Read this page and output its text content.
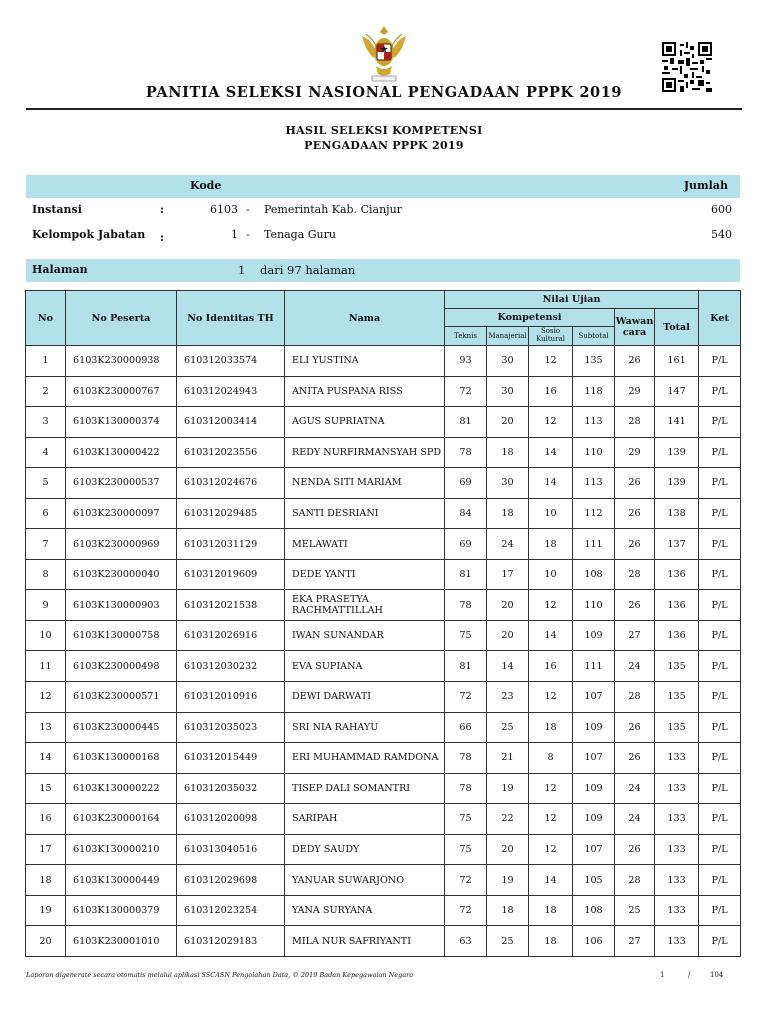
PANITIA SELEKSI NASIONAL PENGADAAN PPPK 2019
HASIL SELEKSI KOMPETENSI
PENGADAAN PPPK 2019
Kode	Jumlah
Instansi	:	6103 - Pemerintah Kab. Cianjur	600
Kelompok Jabatan :	1 - Tenaga Guru	540
Halaman	1 dari 97 halaman
No	No Peserta	No Identitas TH	Nama	Nilai Ujian						Ket
				Kompetensi				Wawan cara	Total	
				Teknis	Manajerial	Sosio Kultural	Subtotal			
1	6103K230000938	610312033574	ELI YUSTINA	93	30	12	135	26	161	P/L
2	6103K230000767	610312024943	ANITA PUSPANA RISS	72	30	16	118	29	147	P/L
3	6103K130000374	610312003414	AGUS SUPRIATNA	81	20	12	113	28	141	P/L
4	6103K130000422	610312023556	REDY NURFIRMANSYAH SPD	78	18	14	110	29	139	P/L
5	6103K230000537	610312024676	NENDA SITI MARIAM	69	30	14	113	26	139	P/L
6	6103K230000097	610312029485	SANTI DESRIANI	84	18	10	112	26	138	P/L
7	6103K230000969	610312031129	MELAWATI	69	24	18	111	26	137	P/L
8	6103K230000040	610312019609	DEDE YANTI	81	17	10	108	28	136	P/L
9	6103K130000903	610312021538	EKA PRASETYA RACHMATTILLAH	78	20	12	110	26	136	P/L
10	6103K130000758	610312026916	IWAN SUNANDAR	75	20	14	109	27	136	P/L
11	6103K230000498	610312030232	EVA SUPIANA	81	14	16	111	24	135	P/L
12	6103K230000571	610312010916	DEWI DARWATI	72	23	12	107	28	135	P/L
13	6103K230000445	610312035023	SRI NIA RAHAYU	66	25	18	109	26	135	P/L
14	6103K130000168	610312015449	ERI MUHAMMAD RAMDONA	78	21	8	107	26	133	P/L
15	6103K130000222	610312035032	TISEP DALI SOMANTRI	78	19	12	109	24	133	P/L
16	6103K230000164	610312020098	SARIPAH	75	22	12	109	24	133	P/L
17	6103K130000210	610313040516	DEDY SAUDY	75	20	12	107	26	133	P/L
18	6103K130000449	610312029698	YANUAR SUWARJONO	72	19	14	105	28	133	P/L
19	6103K130000379	610312023254	YANA SURYANA	72	18	18	108	25	133	P/L
20	6103K230001010	610312029183	MILA NUR SAFRIYANTI	63	25	18	106	27	133	P/L
Laporan digenerate secara otomatis melalui aplikasi SSCASN Pengolahan Data, © 2019 Badan Kepegawaian Negara	1	/	104
